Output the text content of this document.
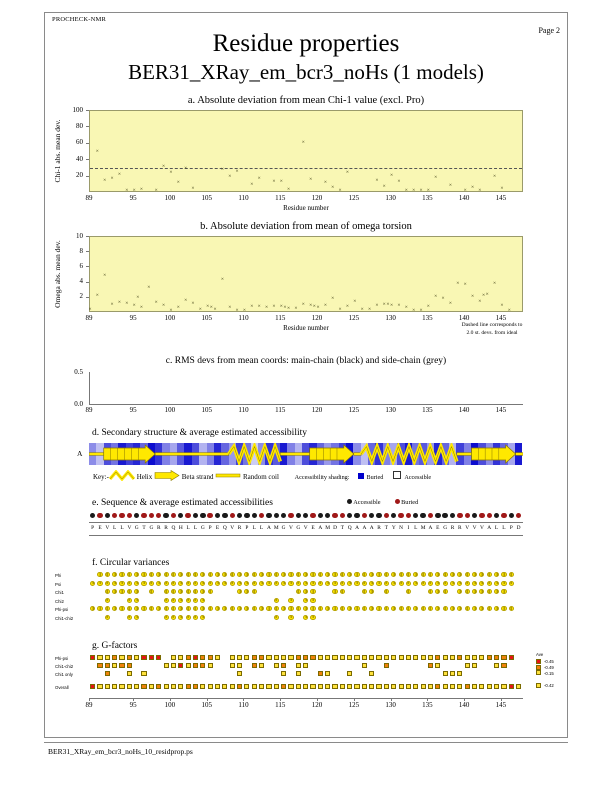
PROCHECK-NMR
Page 2
Residue properties
BER31_XRay_em_bcr3_noHs (1 models)
a. Absolute deviation from mean Chi-1 value (excl. Pro)
×
× ×
×
× × × ×
×
×
×
×
×
×
×
×
×
× × ×
×
×
×
×
×
×
×
×
×
×
×
× × × ×
×
×
× × ×
×
×
20
40
60
80
100
Chi-1 abs. mean dev.
89	95	100	105	110	115	120	125	130	135	140	145
Residue number
b. Absolute deviation from mean of omega torsion
×
×
×
× × × ×
×
×
×
×
×
× ×
×
×
×
× × ×
×
×
× ×
× × × × × × × ×
× × × × ×
×
×
×
×
× ×
× × × × × ×
× ×
×
× ×
×
× ×
×
×
× ×
×
×
×
2
4
6
8
10
Omega abs. mean dev.
89	95	100	105	110	115	120	125	130	135	140	145
Residue number	Dashed line corresponds to
2.0 st. devs. from ideal
c. RMS devs from mean coords: main-chain (black) and side-chain (grey)
0.5
0.0
89	95	100	105	110	115	120	125	130	135	140	145
d. Secondary structure & average estimated accessibility
A
Key:-	Helix	Beta strand	Random coil Accessibility shading:	Buried	Accessible
e. Sequence & average estimated accessibilities	Accessible	Buried
P E V L L V G T G R R Q H L L G P E Q V R P L L A M G V G V E A M D T Q A A A R T Y N I L M A E G R R V V V A L L P D
f. Circular variances
Phi
Psi
Chi1
Chi2
Phi-psi
Chi1-chi2
g. G-factors
Phi-psi
Chi1-chi2
Chi1 only
Overall
89	95	100	105	110	115	120	125	130	135	140	145
Ave
-0.45
-0.49
-0.15
-0.42
BER31_XRay_em_bcr3_noHs_10_residprop.ps
